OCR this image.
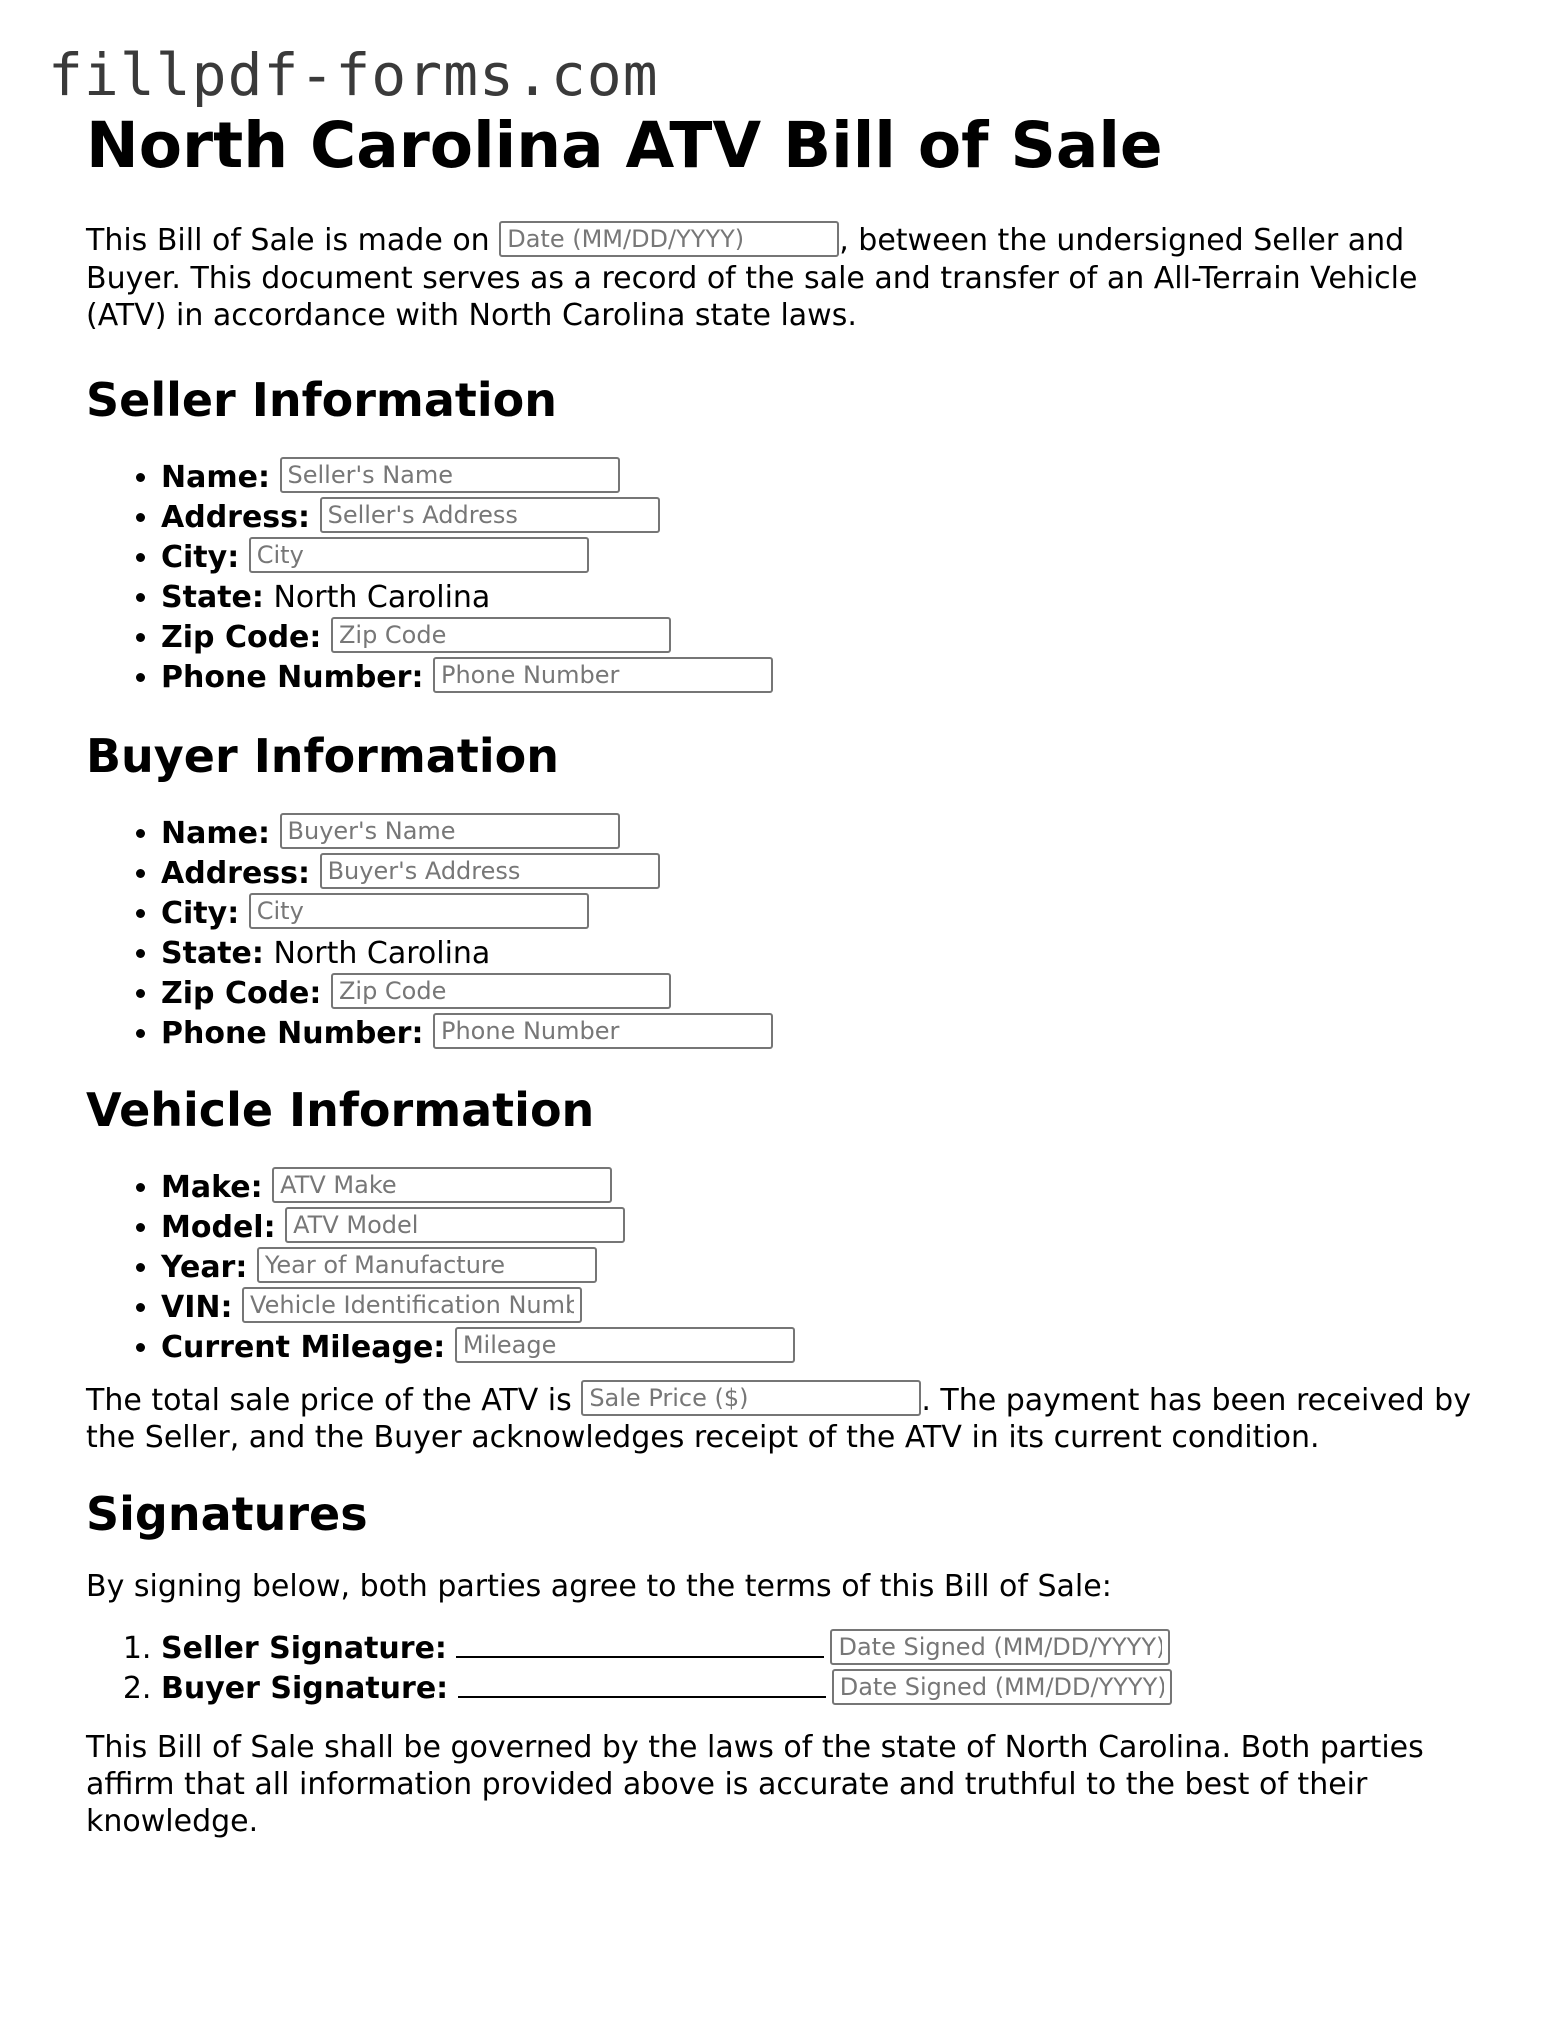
fillpdf-forms.com
North Carolina ATV Bill of Sale

This Bill of Sale is made on Date (MM/DD/YYYY)	, between the undersigned Seller and Buyer. This document serves as a record of the sale and transfer of an All-Terrain Vehicle (ATV) in accordance with North Carolina state laws.

Seller Information
• Name: Seller's Name
• Address: Seller's Address
• City: City
• State: North Carolina
• Zip Code: Zip Code
• Phone Number: Phone Number
Buyer Information
• Name: Buyer's Name
• Address: Buyer's Address
• City: City
• State: North Carolina
• Zip Code: Zip Code
• Phone Number: Phone Number
Vehicle Information
• Make: ATV Make
• Model: ATV Model
• Year: Year of Manufacture
• VIN: Vehicle Identification Number
• Current Mileage: Mileage

The total sale price of the ATV is Sale Price ($)	. The payment has been received by the Seller, and the Buyer acknowledges receipt of the ATV in its current condition.

Signatures

By signing below, both parties agree to the terms of this Bill of Sale:

1. Seller Signature: Date Signed (MM/DD/YYYY)
2. Buyer Signature: Date Signed (MM/DD/YYYY)

This Bill of Sale shall be governed by the laws of the state of North Carolina. Both parties affirm that all information provided above is accurate and truthful to the best of their knowledge.
